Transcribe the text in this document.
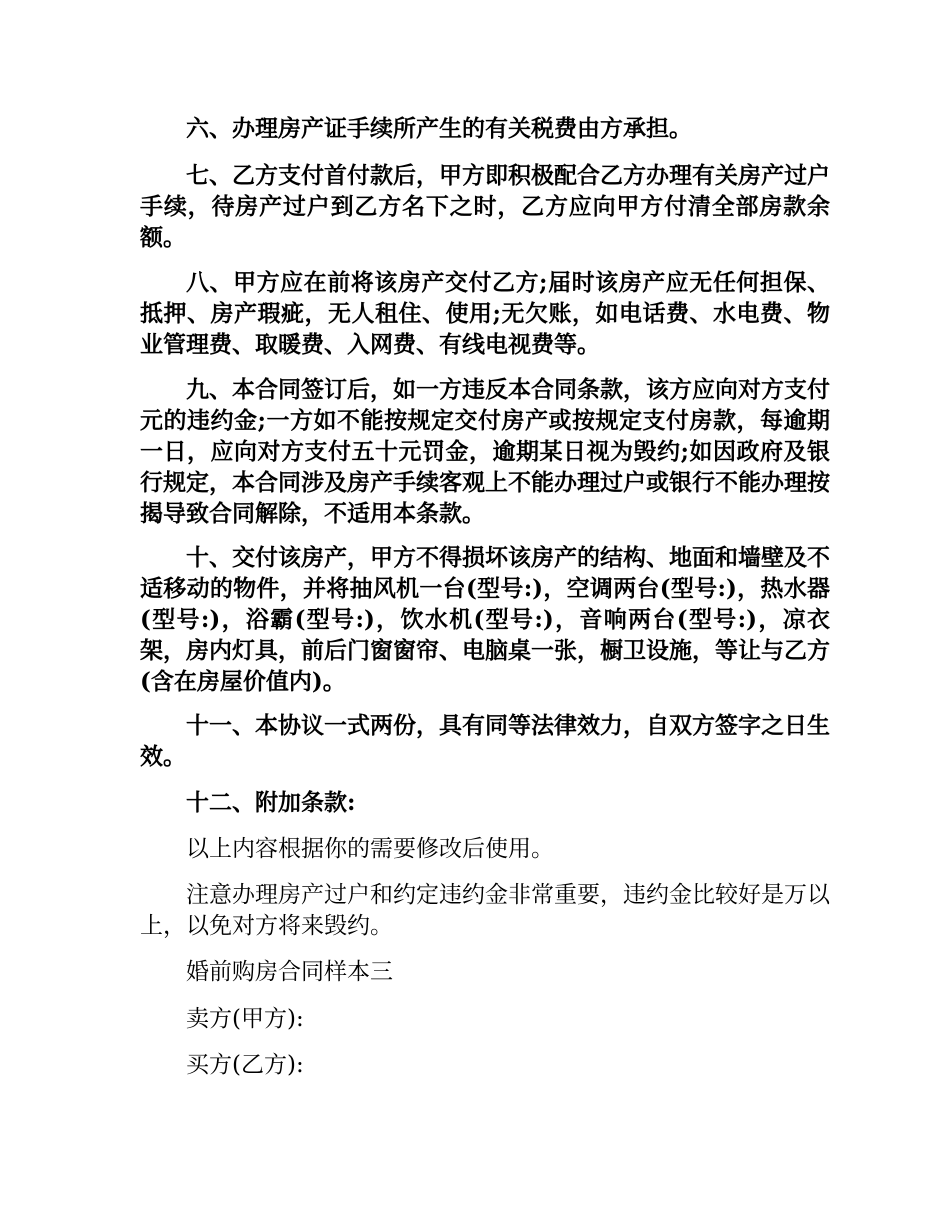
六、办理房产证手续所产生的有关税费由方承担。

七、乙方支付首付款后，甲方即积极配合乙方办理有关房产过户手续，待房产过户到乙方名下之时，乙方应向甲方付清全部房款余额。

八、甲方应在前将该房产交付乙方;届时该房产应无任何担保、抵押、房产瑕疵，无人租住、使用;无欠账，如电话费、水电费、物业管理费、取暖费、入网费、有线电视费等。

九、本合同签订后，如一方违反本合同条款，该方应向对方支付元的违约金;一方如不能按规定交付房产或按规定支付房款，每逾期一日，应向对方支付五十元罚金，逾期某日视为毁约;如因政府及银行规定，本合同涉及房产手续客观上不能办理过户或银行不能办理按揭导致合同解除，不适用本条款。

十、交付该房产，甲方不得损坏该房产的结构、地面和墙壁及不适移动的物件，并将抽风机一台(型号:)，空调两台(型号:)，热水器(型号:)，浴霸(型号:)，饮水机(型号:)，音响两台(型号:)，凉衣架，房内灯具，前后门窗窗帘、电脑桌一张，橱卫设施，等让与乙方(含在房屋价值内)。

十一、本协议一式两份，具有同等法律效力，自双方签字之日生效。

十二、附加条款:

以上内容根据你的需要修改后使用。

注意办理房产过户和约定违约金非常重要，违约金比较好是万以上，以免对方将来毁约。

婚前购房合同样本三

卖方(甲方):

买方(乙方):
